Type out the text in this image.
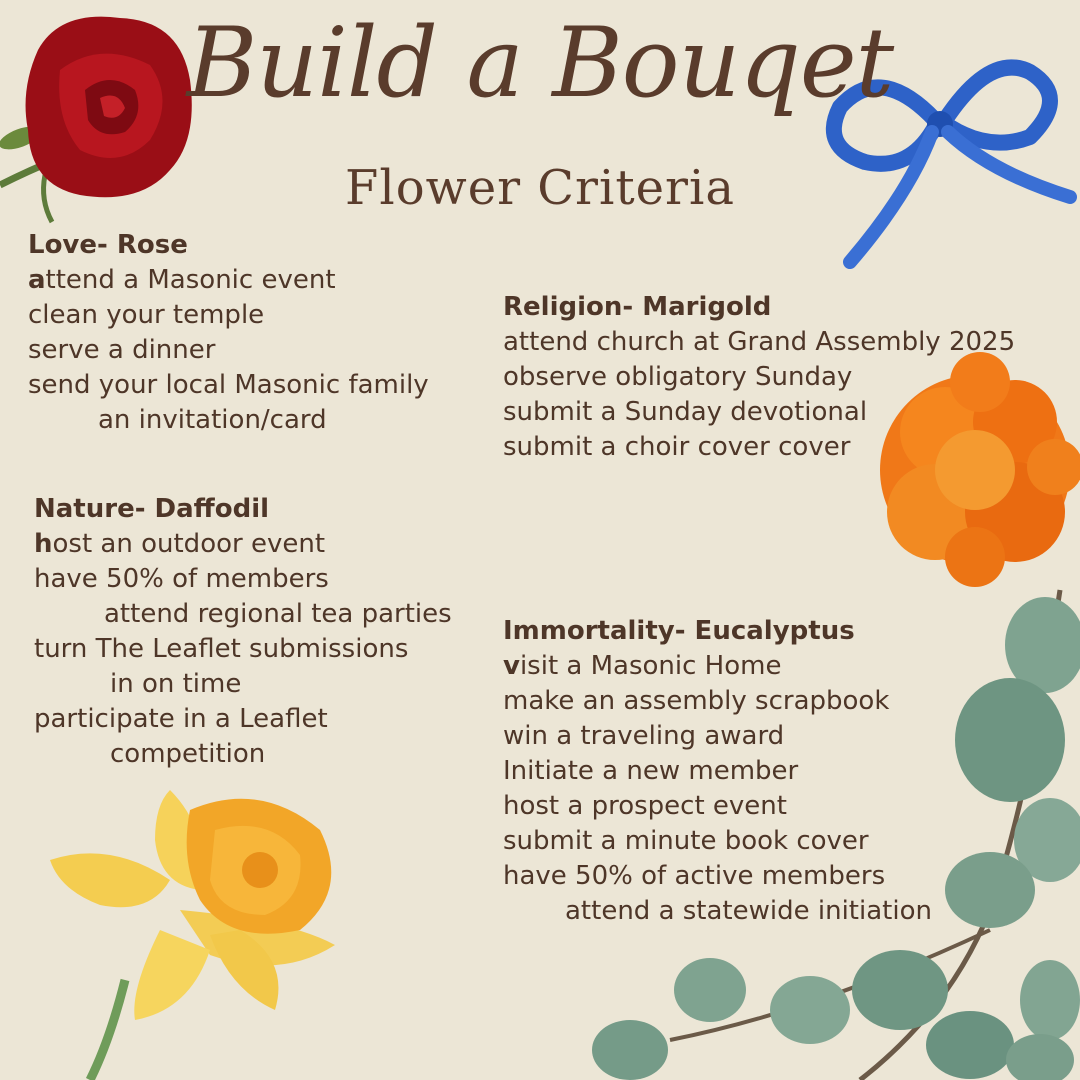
Build a Bouqet
Flower Criteria
Love- Rose
attend a Masonic event
clean your temple
serve a dinner
send your local Masonic family
an invitation/card
Nature- Daffodil
host an outdoor event
have 50% of members
attend regional tea parties
turn The Leaflet submissions
in on time
participate in a Leaflet
competition
Religion- Marigold
attend church at Grand Assembly 2025
observe obligatory Sunday
submit a Sunday devotional
submit a choir cover cover
Immortality- Eucalyptus
visit a Masonic Home
make an assembly scrapbook
win a traveling award
Initiate a new member
host a prospect event
submit a minute book cover
have 50% of active members
attend a statewide initiation
